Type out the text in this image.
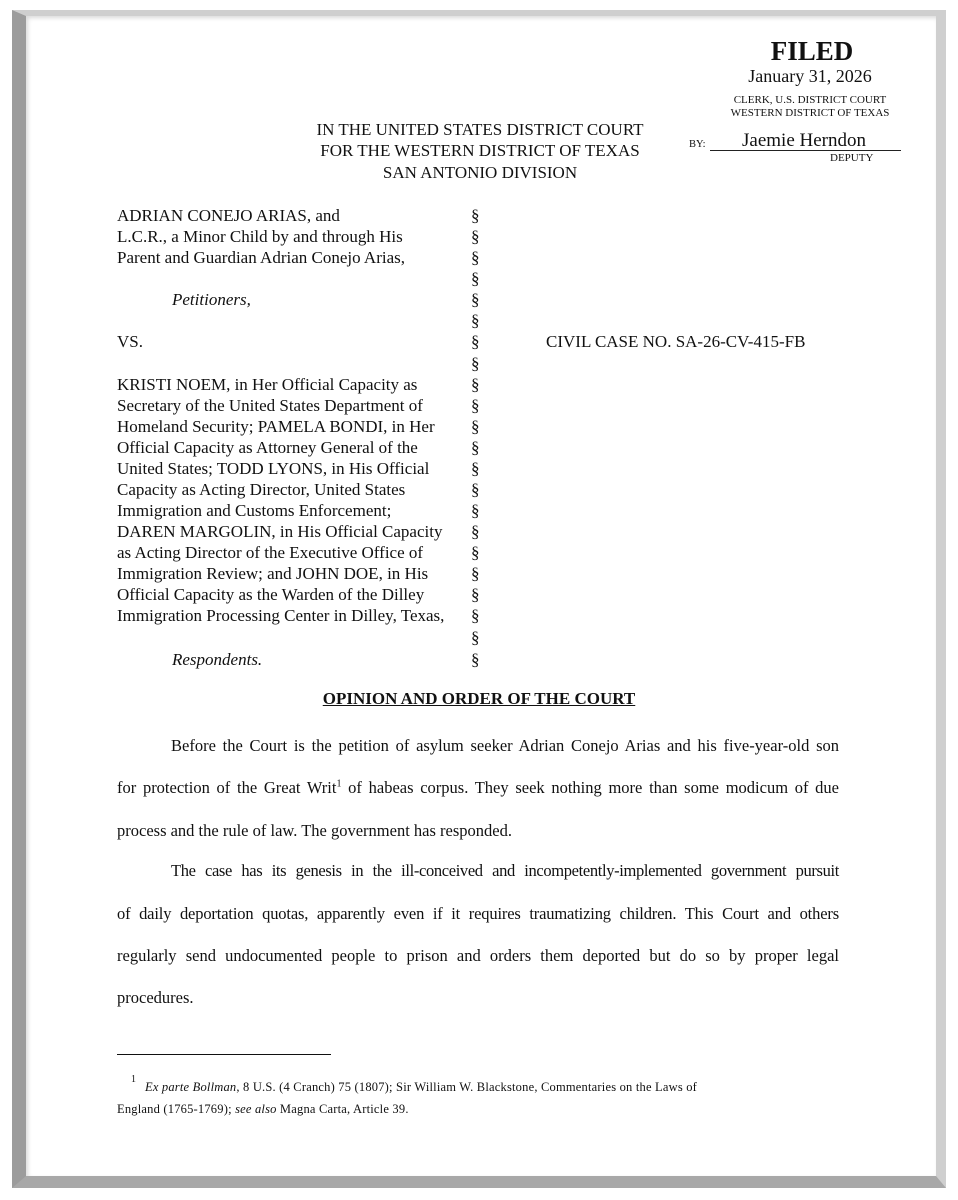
FILED
January 31, 2026
CLERK, U.S. DISTRICT COURT
WESTERN DISTRICT OF TEXAS
BY: Jaemie Herndon
DEPUTY
IN THE UNITED STATES DISTRICT COURT
FOR THE WESTERN DISTRICT OF TEXAS
SAN ANTONIO DIVISION
ADRIAN CONEJO ARIAS, and
L.C.R., a Minor Child by and through His
Parent and Guardian Adrian Conejo Arias,
Petitioners,
VS.
KRISTI NOEM, in Her Official Capacity as
Secretary of the United States Department of
Homeland Security; PAMELA BONDI, in Her
Official Capacity as Attorney General of the
United States; TODD LYONS, in His Official
Capacity as Acting Director, United States
Immigration and Customs Enforcement;
DAREN MARGOLIN, in His Official Capacity
as Acting Director of the Executive Office of
Immigration Review; and JOHN DOE, in His
Official Capacity as the Warden of the Dilley
Immigration Processing Center in Dilley, Texas,
Respondents.
§
§
§
§
§
§
§
§
§
§
§
§
§
§
§
§
§
§
§
§
§
§
CIVIL CASE NO. SA-26-CV-415-FB
OPINION AND ORDER OF THE COURT
Before the Court is the petition of asylum seeker Adrian Conejo Arias and his five-year-old son
for protection of the Great Writ$^1$ of habeas corpus. They seek nothing more than some modicum of due
process and the rule of law. The government has responded.
The case has its genesis in the ill-conceived and incompetently-implemented government pursuit
of daily deportation quotas, apparently even if it requires traumatizing children. This Court and others
regularly send undocumented people to prison and orders them deported but do so by proper legal
procedures.
1
Ex parte Bollman, 8 U.S. (4 Cranch) 75 (1807); Sir William W. Blackstone, Commentaries on the Laws of
England (1765-1769); see also Magna Carta, Article 39.
